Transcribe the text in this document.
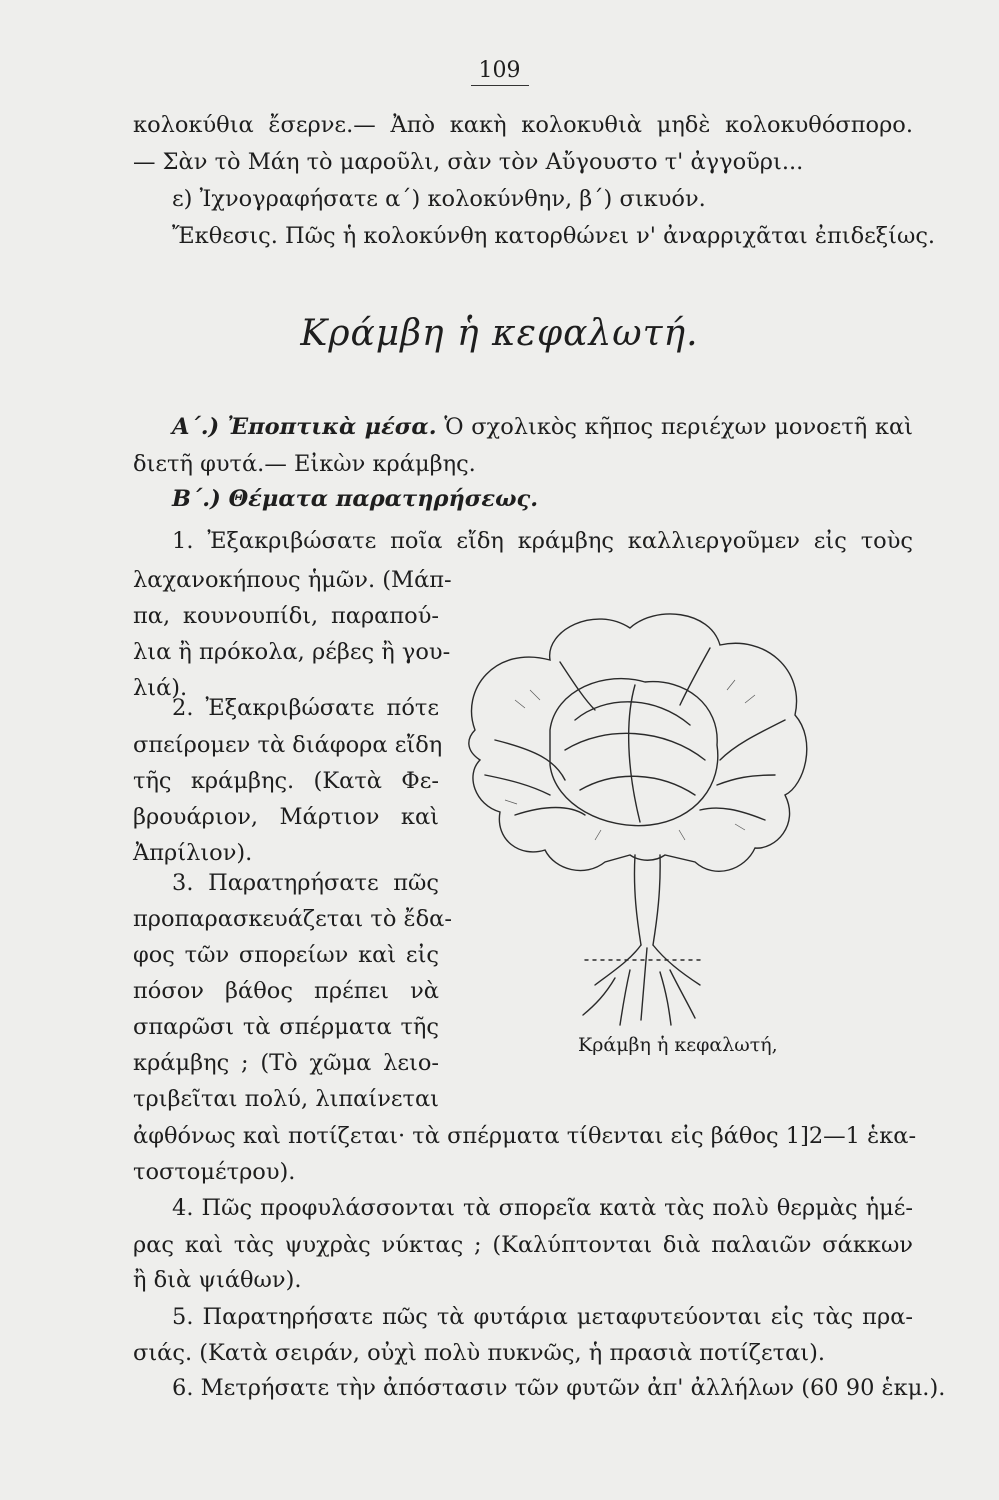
109
κολοκύθια ἔσερνε.— Ἀπὸ κακὴ κολοκυθιὰ μηδὲ κολοκυθόσπορο.
— Σὰν τὸ Μάη τὸ μαροῦλι, σὰν τὸν Αὔγουστο τ' ἀγγοῦρι...
ε) Ἰχνογραφήσατε α΄) κολοκύνθην, β΄) σικυόν.
Ἔκθεσις. Πῶς ἡ κολοκύνθη κατορθώνει ν' ἀναρριχᾶται ἐπιδεξίως.
Κράμβη ἡ κεφαλωτή.
Α΄.) Ἐποπτικὰ μέσα. Ὁ σχολικὸς κῆπος περιέχων μονοετῆ καὶ
διετῆ φυτά.— Εἰκὼν κράμβης.
Β΄.) Θέματα παρατηρήσεως.
1. Ἐξακριβώσατε ποῖα εἴδη κράμβης καλλιεργοῦμεν εἰς τοὺς
λαχανοκήπους ἡμῶν. (Μάπ-
πα, κουνουπίδι, παραπού-
λια ἢ πρόκολα, ρέβες ἢ γου-
λιά).
2. Ἐξακριβώσατε πότε
σπείρομεν τὰ διάφορα εἴδη
τῆς κράμβης. (Κατὰ Φε-
βρουάριον, Μάρτιον καὶ
Ἀπρίλιον).
3. Παρατηρήσατε πῶς
προπαρασκευάζεται τὸ ἔδα-
φος τῶν σπορείων καὶ εἰς
πόσον βάθος πρέπει νὰ
σπαρῶσι τὰ σπέρματα τῆς
κράμβης ; (Τὸ χῶμα λειο-
τριβεῖται πολύ, λιπαίνεται
ἀφθόνως καὶ ποτίζεται· τὰ σπέρματα τίθενται εἰς βάθος 1]2—1 ἑκα-
τοστομέτρου).
4. Πῶς προφυλάσσονται τὰ σπορεῖα κατὰ τὰς πολὺ θερμὰς ἡμέ-
ρας καὶ τὰς ψυχρὰς νύκτας ; (Καλύπτονται διὰ παλαιῶν σάκκων
ἢ διὰ ψιάθων).
5. Παρατηρήσατε πῶς τὰ φυτάρια μεταφυτεύονται εἰς τὰς πρα-
σιάς. (Κατὰ σειράν, οὐχὶ πολὺ πυκνῶς, ἡ πρασιὰ ποτίζεται).
6. Μετρήσατε τὴν ἀπόστασιν τῶν φυτῶν ἀπ' ἀλλήλων (60 90 ἑκμ.).
Κράμβη ἡ κεφαλωτή,
